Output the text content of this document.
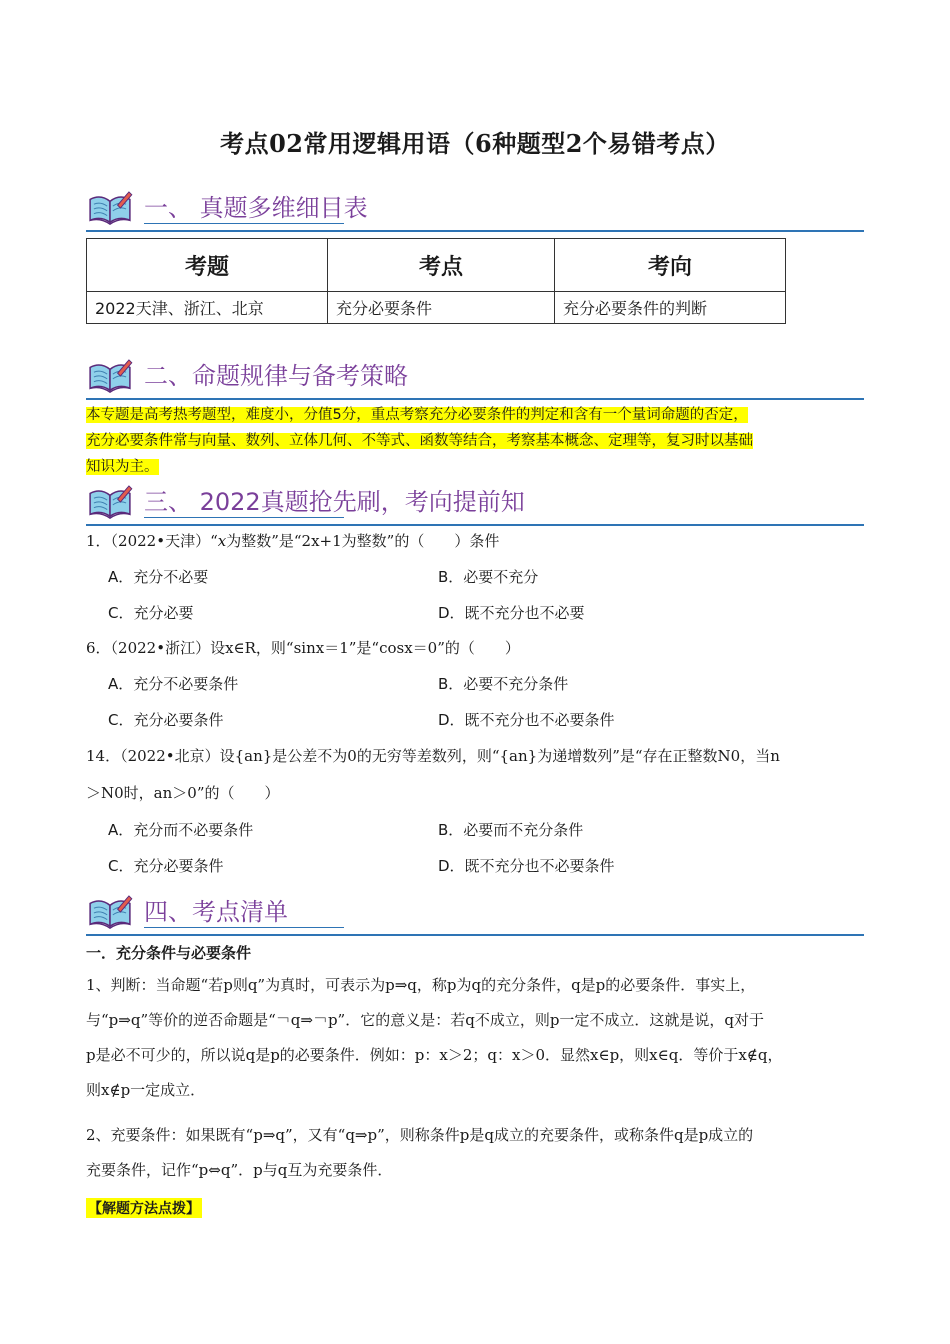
考点02常用逻辑用语（6种题型2个易错考点）
一、 真题多维细目表
考题	考点	考向
2022天津、浙江、北京	充分必要条件	充分必要条件的判断
二、命题规律与备考策略
本专题是高考热考题型，难度小，分值5分，重点考察充分必要条件的判定和含有一个量词命题的否定，
充分必要条件常与向量、数列、立体几何、不等式、函数等结合，考察基本概念、定理等，复习时以基础
知识为主。
三、 2022真题抢先刷，考向提前知
1．（2022•天津）“x为整数”是“2x+1为整数”的（　　）条件
A．充分不必要	B．必要不充分
C．充分必要	D．既不充分也不必要
6．（2022•浙江）设x∈R，则“sinx＝1”是“cosx＝0”的（　　）
A．充分不必要条件	B．必要不充分条件
C．充分必要条件	D．既不充分也不必要条件
14．（2022•北京）设{an}是公差不为0的无穷等差数列，则“{an}为递增数列”是“存在正整数N0，当n
＞N0时，an＞0”的（　　）
A．充分而不必要条件	B．必要而不充分条件
C．充分必要条件	D．既不充分也不必要条件
四、考点清单
一．充分条件与必要条件
1、判断：当命题“若p则q”为真时，可表示为p⇒q，称p为q的充分条件，q是p的必要条件．事实上，
与“p⇒q”等价的逆否命题是“￢q⇒￢p”．它的意义是：若q不成立，则p一定不成立．这就是说，q对于
p是必不可少的，所以说q是p的必要条件．例如：p：x＞2；q：x＞0．显然x∈p，则x∈q．等价于x∉q，
则x∉p一定成立．
2、充要条件：如果既有“p⇒q”，又有“q⇒p”，则称条件p是q成立的充要条件，或称条件q是p成立的
充要条件，记作“p⇔q”．p与q互为充要条件．
【解题方法点拨】
